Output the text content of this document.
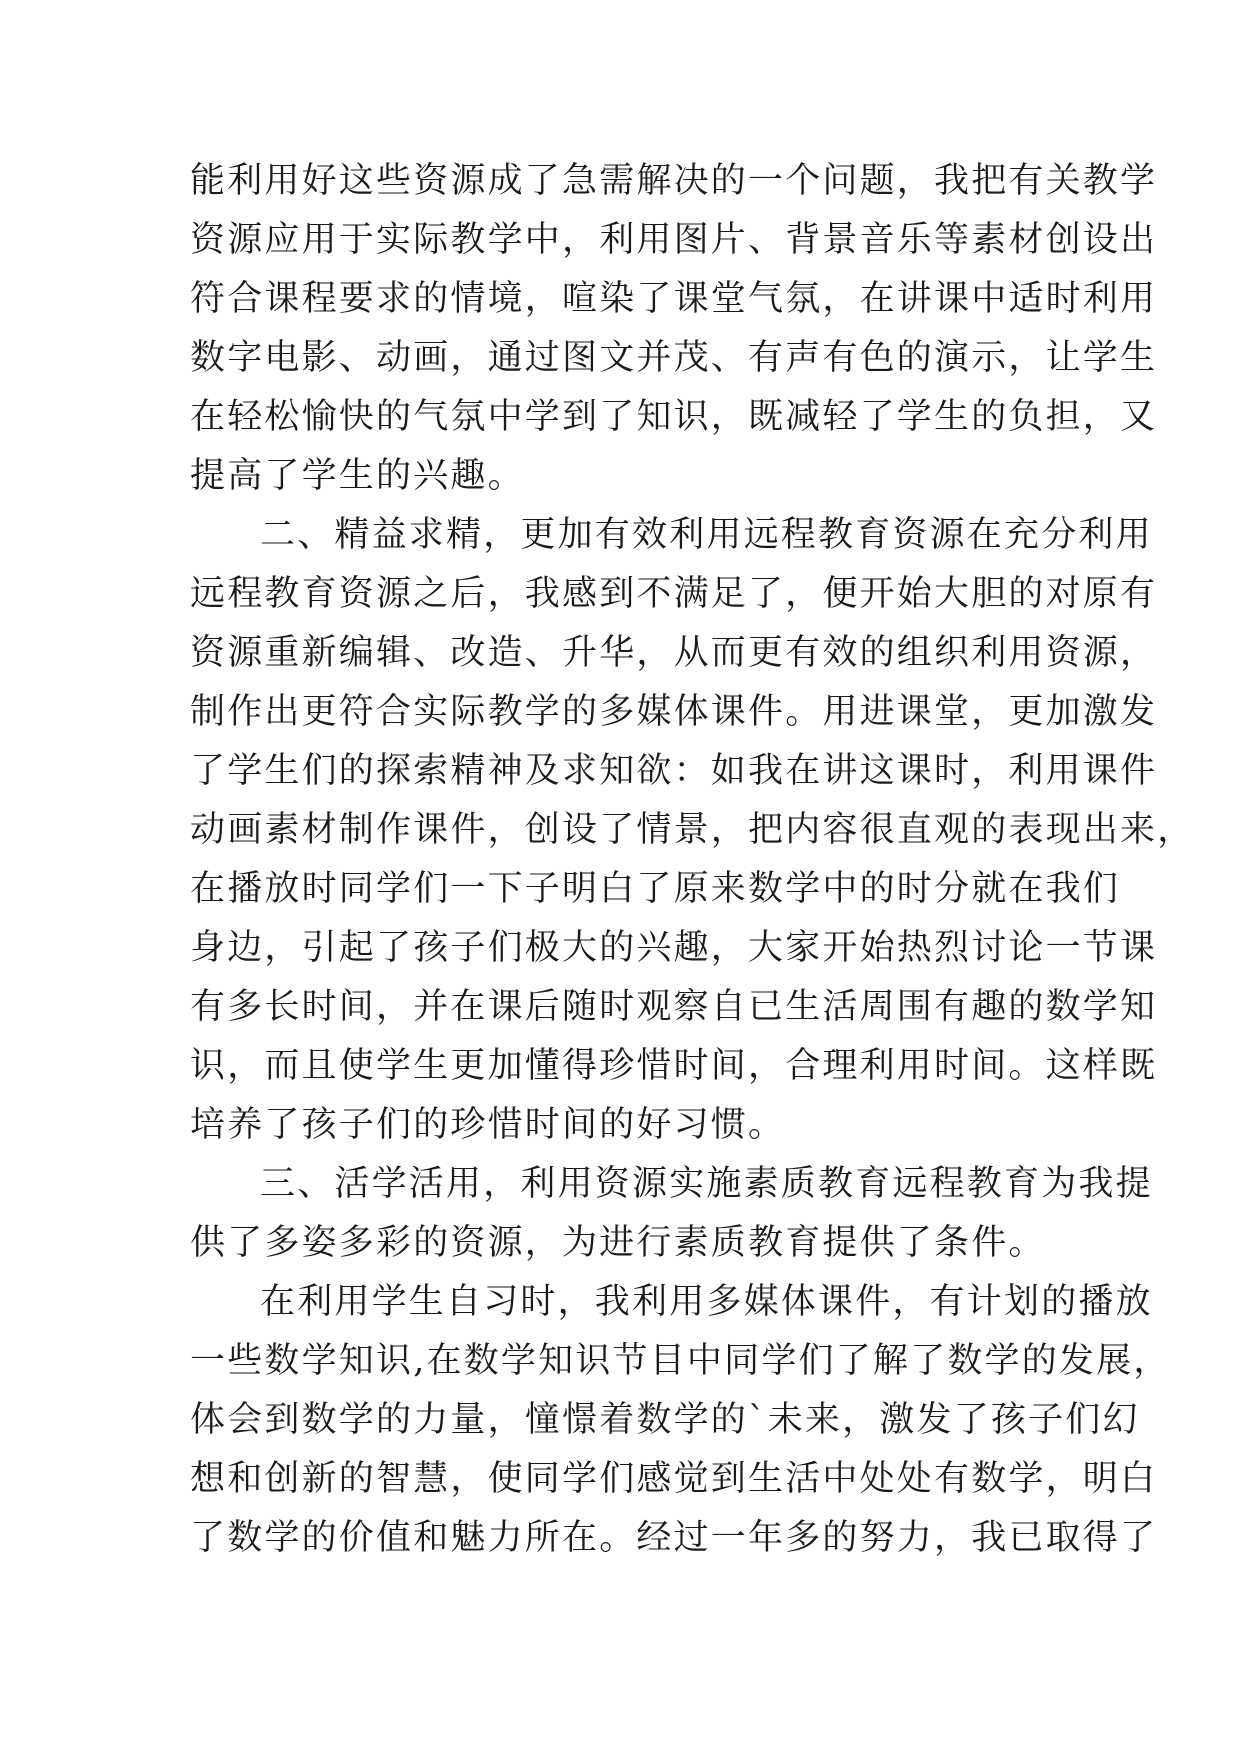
能利用好这些资源成了急需解决的一个问题，我把有关教学
资源应用于实际教学中，利用图片、背景音乐等素材创设出
符合课程要求的情境，喧染了课堂气氛，在讲课中适时利用
数字电影、动画，通过图文并茂、有声有色的演示，让学生
在轻松愉快的气氛中学到了知识，既减轻了学生的负担，又
提高了学生的兴趣。
二、精益求精，更加有效利用远程教育资源在充分利用
远程教育资源之后，我感到不满足了，便开始大胆的对原有
资源重新编辑、改造、升华，从而更有效的组织利用资源，
制作出更符合实际教学的多媒体课件。用进课堂，更加激发
了学生们的探索精神及求知欲：如我在讲这课时，利用课件
动画素材制作课件，创设了情景，把内容很直观的表现出来，
在播放时同学们一下子明白了原来数学中的时分就在我们
身边，引起了孩子们极大的兴趣，大家开始热烈讨论一节课
有多长时间，并在课后随时观察自已生活周围有趣的数学知
识，而且使学生更加懂得珍惜时间，合理利用时间。这样既
培养了孩子们的珍惜时间的好习惯。
三、活学活用，利用资源实施素质教育远程教育为我提
供了多姿多彩的资源，为进行素质教育提供了条件。
在利用学生自习时，我利用多媒体课件，有计划的播放
一些数学知识,在数学知识节目中同学们了解了数学的发展，
体会到数学的力量，憧憬着数学的`未来，激发了孩子们幻
想和创新的智慧，使同学们感觉到生活中处处有数学，明白
了数学的价值和魅力所在。经过一年多的努力，我已取得了
